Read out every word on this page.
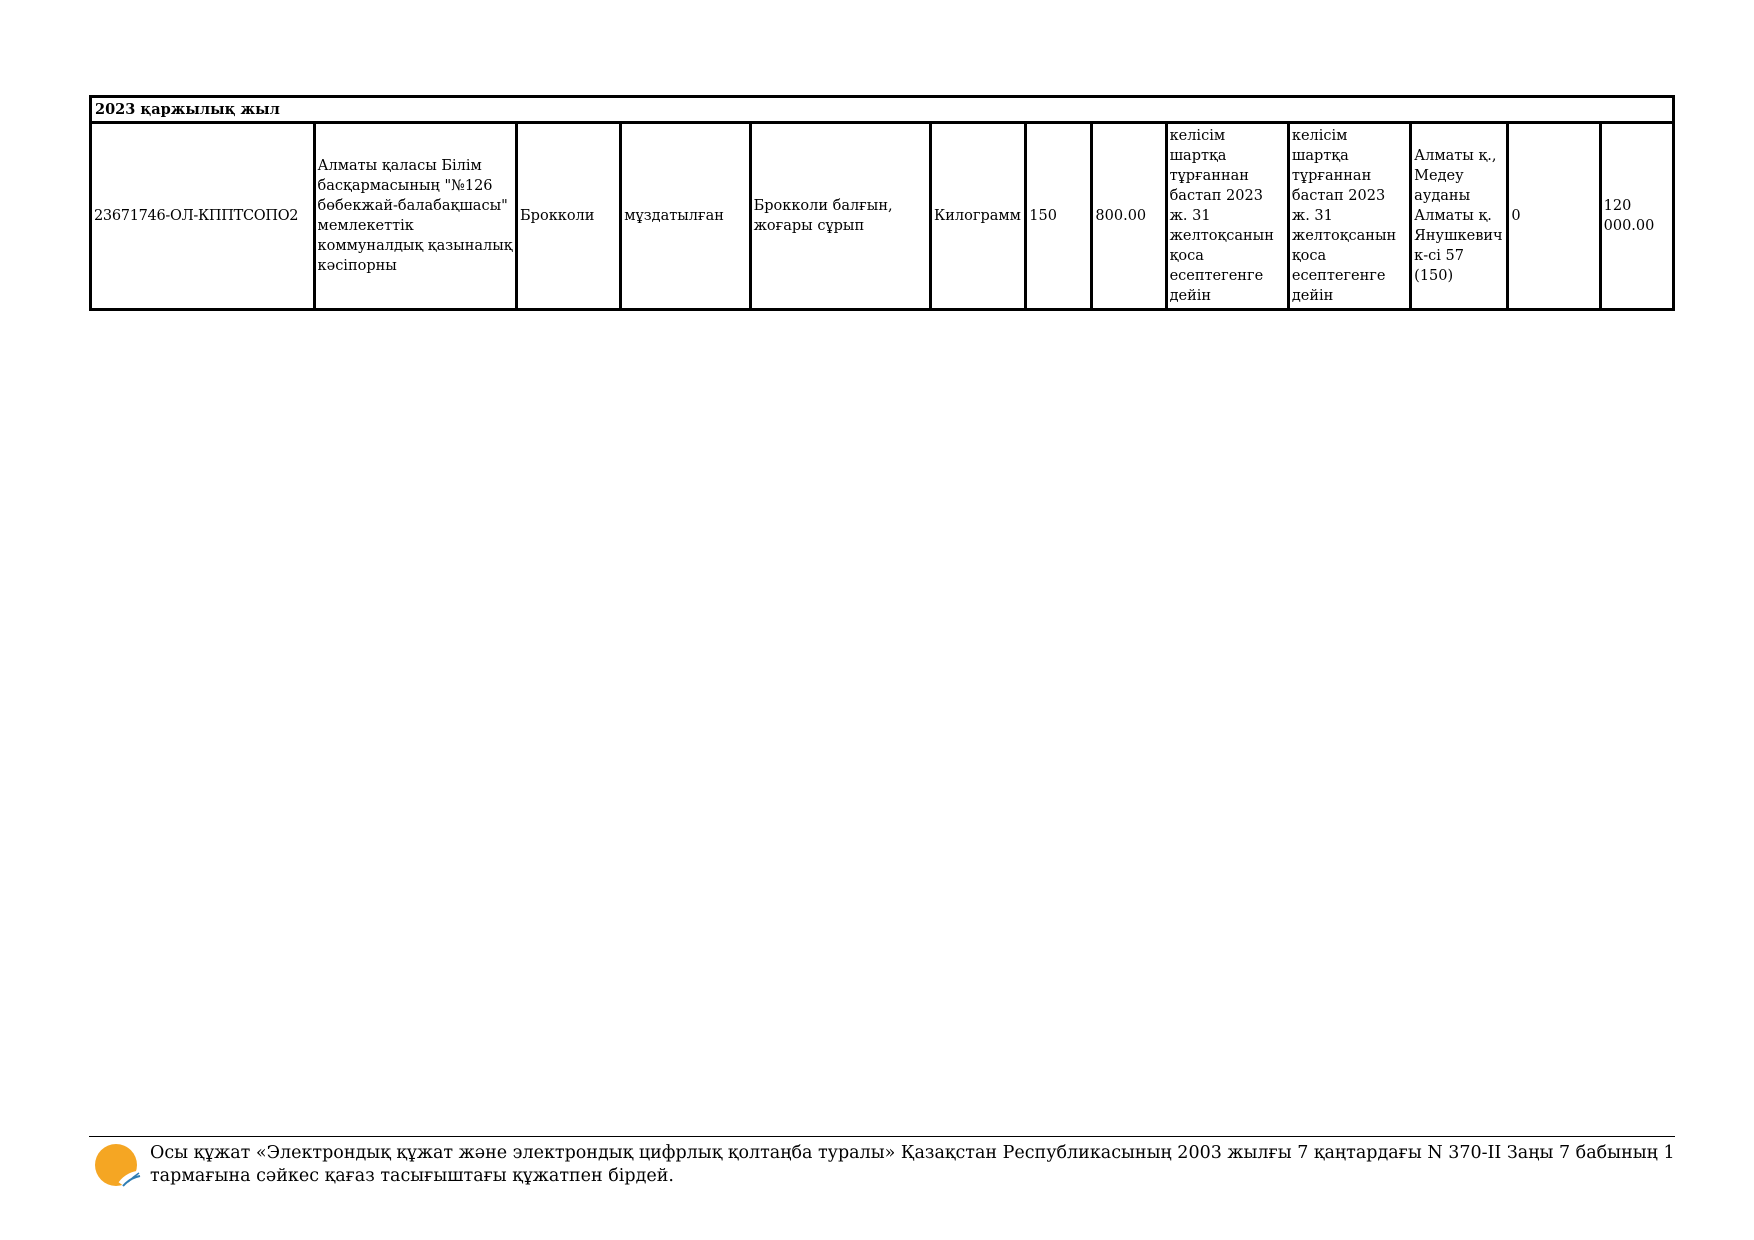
2023 қаржылық жыл
23671746-ОЛ-КППТСОПО2	Алматы қаласы Білім басқармасының "№126 бөбекжай-балабақшасы" мемлекеттік коммуналдық қазыналық кәсіпорны	Брокколи	мұздатылған	Брокколи балғын, жоғары сұрып	Килограмм	150	800.00	келісім шартқа тұрғаннан бастап 2023 ж. 31 желтоқсанын қоса есептегенге дейін	келісім шартқа тұрғаннан бастап 2023 ж. 31 желтоқсанын қоса есептегенге дейін	Алматы қ., Медеу ауданы Алматы қ. Янушкевич к-сі 57 (150)	0	120 000.00
Осы құжат «Электрондық құжат және электрондық цифрлық қолтаңба туралы» Қазақстан Республикасының 2003 жылғы 7 қаңтардағы N 370-II Заңы 7 бабының 1 тармағына сәйкес қағаз тасығыштағы құжатпен бірдей.
